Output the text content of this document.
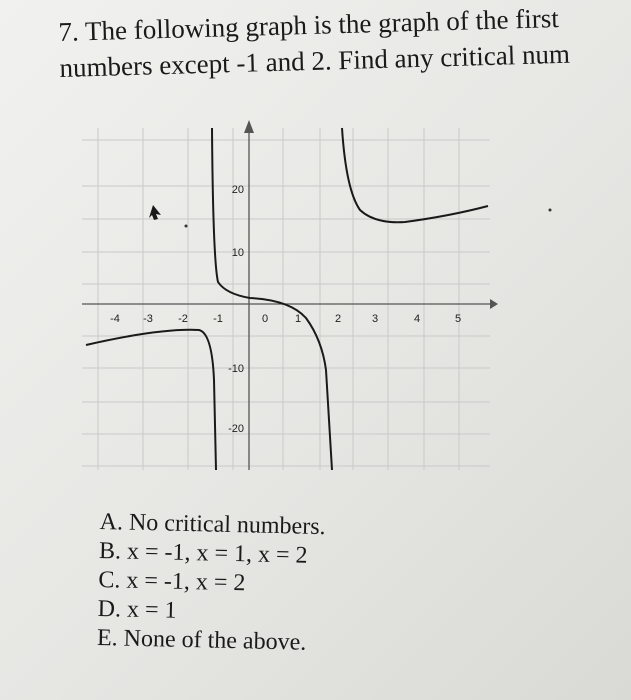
7. The following graph is the graph of the first
numbers except -1 and 2. Find any critical num
-4 -3 -2 -1	0 1	2	3	4	5
20
10
-10
-20
A. No critical numbers.
B. x = -1, x = 1, x = 2
C. x = -1, x = 2
D. x = 1
E. None of the above.
